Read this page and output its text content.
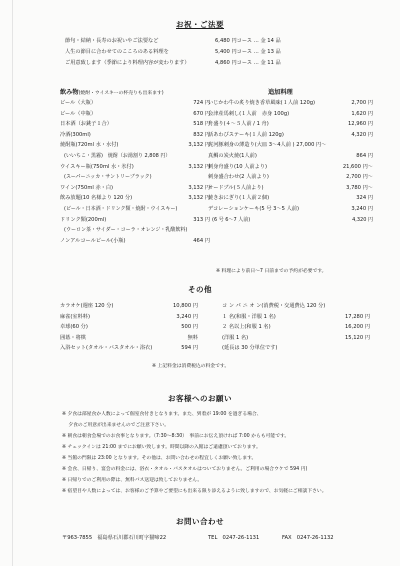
お祝・ご法要
節句・結納・長寿のお祝いやご法要など	6,480 円コース … 金 14 品
人生の節目に合わせてのこころのある料理を	5,400 円コース … 金 13 品
ご用意致します（季節により料理内容が変わります）	4,860 円コース … 金 11 品
飲み物(焼酎・ウイスキーの杯売りも出来ます)
ビール（大瓶）	724 円
ビール（中瓶）	670 円
日本酒（お銚子１合）	518 円
冷酒(300ml)	832 円
焼酎瓶(720ml 水・水付)	3,132 円
(いいちこ・黒霧)　焼酎（お湯割り 2,808 円）
ウイスキー瓶(750ml 水・氷付)	3,132 円
(スーパーニッカ・サントリーブラック)
ワイン(750ml 赤・白)	3,132 円
飲み放題(10 名様より 120 分)	3,132 円
(ビール・日本酒・ドリンク類・焼酎・ウイスキー)
ドリンク類(200ml)	313 円
(ウーロン茶・サイダー・コーラ・オレンジ・乳酸飲料)
ノンアルコールビール(小瓶)	464 円
追加料理
いじかわ牛の炙り焼き香草風味(１人前 120g)	2,700 円
会津産馬刺し(１人前　赤身 100g)	1,620 円
舟盛り(４〜５人前 / 1 舟)	12,960 円
活あわびステーキ(１人前 120g)	4,320 円
虎河豚刺身の薄造り(大皿 3〜4人前 ) 27,000 円〜
真鯛の炭火焼(1人前)	864 円
刺身舟盛り(10 人前より)	21,600 円〜
刺身盛合わせ(2 人前より)	2,700 円〜
オードブル(５人前より)	3,780 円〜
焼きおにぎり(１人前２個)	324 円
デコレーションケーキ(5 号 3〜5 人前)	3,240 円
(6 号 6〜7 人前)	4,320 円
※ 料理により前日〜7 日前までの予約が必要です。
その他
カラオケ(週座 120 分)	10,800 円
麻雀(室料料)	3,240 円
卓球(60 分)	500 円
囲碁・将棋	無料
入浴セット(タオル・バスタオル・浴衣)	594 円
コ ン パ ニ オ ン(消費税・交通費込 120 分)
１ 名(和服・洋服 1 名)	17,280 円
２ 名以上(和服 1 名)	16,200 円
(洋服 1 名)	15,120 円
(延長は 30 分単位です)
※ 上記料金は消費税込の料金です。
お客様へのお願い
※ 夕食は部屋食か人数によって個室食付きとなります。また、到着が 19:00 を過ぎる場合、
　 夕食のご用意が出来ませんのでご注意下さい。
※ 朝食は朝食会場でのお食事となります。（7:30〜8:30）　事前にお伝え頂ければ 7:00 からも可能です。
※ チェックインは 21:00 までにお願い致します。時間以降の入館はご遠慮頂いております。
※ 当館の門限は 23:00 となります。その他は、お問い合わせの程宜しくお願い致します。
※ 会食、日帰り、宴会の料金には、浴衣・タオル・バスタオルはついておりません。ご利用の場合ウケで 594 円)
※ 日帰りでのご利用の際は、無料バス送迎は致しておりません。
※ 宿望目や人数によっては、お客様のご予算やご要望にも出来る限り添えるように致しますので、お気軽にご相談下さい。
お問い合わせ
〒963-7855　福島県石川郡石川町字猫啼22	TEL　0247-26-1131	FAX　0247-26-1132
